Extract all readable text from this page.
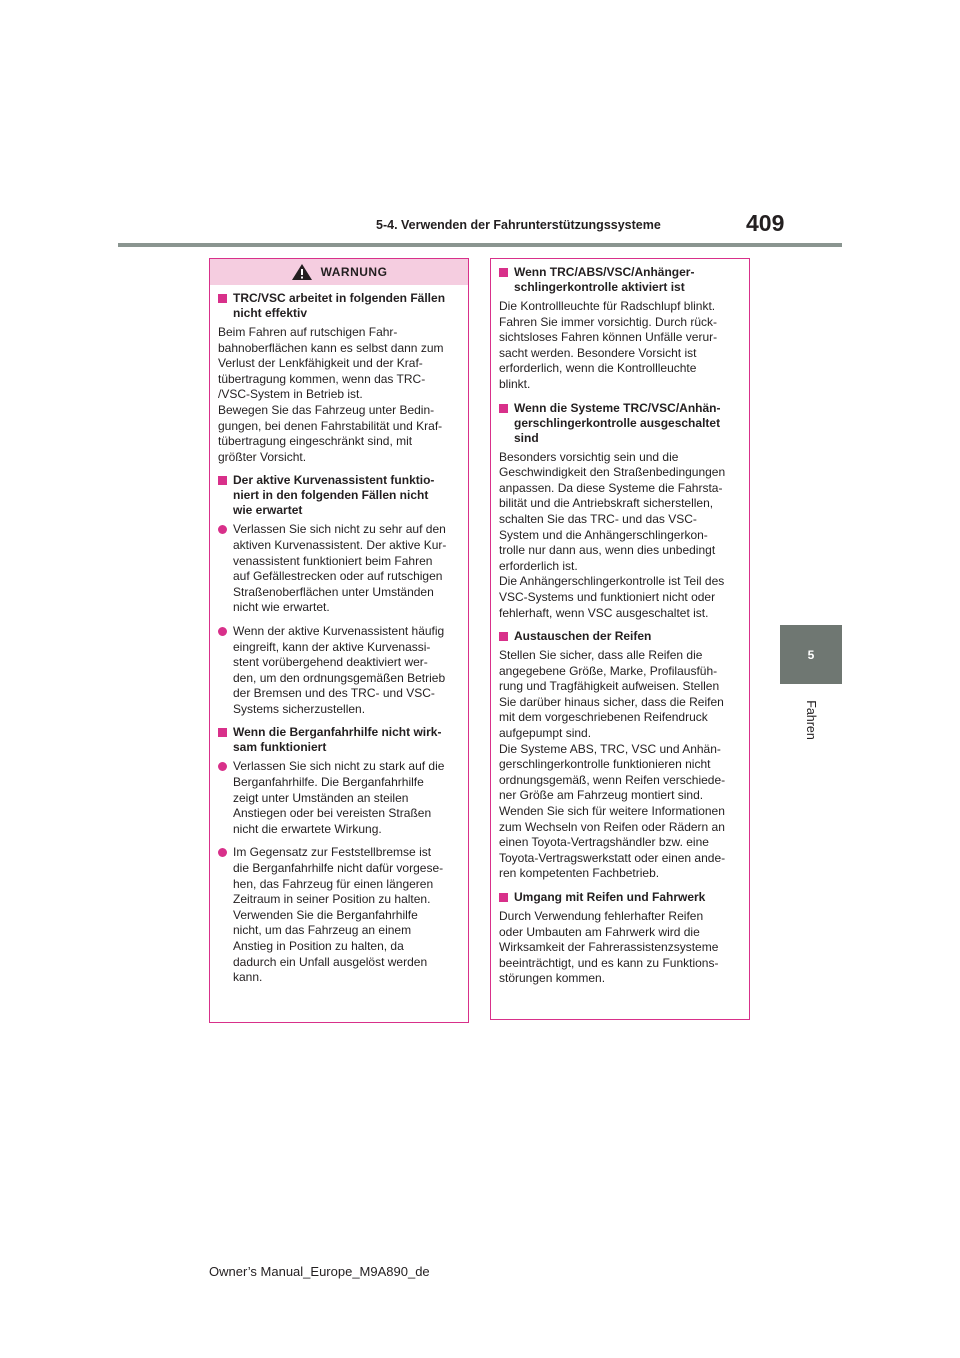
5-4. Verwenden der Fahrunterstützungssysteme	409
5
Fahren
WARNUNG
TRC/VSC arbeitet in folgenden Fällen
nicht effektiv
Beim Fahren auf rutschigen Fahr-
bahnoberflächen kann es selbst dann zum
Verlust der Lenkfähigkeit und der Kraf-
tübertragung kommen, wenn das TRC-
/VSC-System in Betrieb ist.
Bewegen Sie das Fahrzeug unter Bedin-
gungen, bei denen Fahrstabilität und Kraf-
tübertragung eingeschränkt sind, mit
größter Vorsicht.
Der aktive Kurvenassistent funktio-
niert in den folgenden Fällen nicht
wie erwartet
Verlassen Sie sich nicht zu sehr auf den
aktiven Kurvenassistent. Der aktive Kur-
venassistent funktioniert beim Fahren
auf Gefällestrecken oder auf rutschigen
Straßenoberflächen unter Umständen
nicht wie erwartet.
Wenn der aktive Kurvenassistent häufig
eingreift, kann der aktive Kurvenassi-
stent vorübergehend deaktiviert wer-
den, um den ordnungsgemäßen Betrieb
der Bremsen und des TRC- und VSC-
Systems sicherzustellen.
Wenn die Berganfahrhilfe nicht wirk-
sam funktioniert
Verlassen Sie sich nicht zu stark auf die
Berganfahrhilfe. Die Berganfahrhilfe
zeigt unter Umständen an steilen
Anstiegen oder bei vereisten Straßen
nicht die erwartete Wirkung.
Im Gegensatz zur Feststellbremse ist
die Berganfahrhilfe nicht dafür vorgese-
hen, das Fahrzeug für einen längeren
Zeitraum in seiner Position zu halten.
Verwenden Sie die Berganfahrhilfe
nicht, um das Fahrzeug an einem
Anstieg in Position zu halten, da
dadurch ein Unfall ausgelöst werden
kann.
Wenn TRC/ABS/VSC/Anhänger-
schlingerkontrolle aktiviert ist
Die Kontrollleuchte für Radschlupf blinkt.
Fahren Sie immer vorsichtig. Durch rück-
sichtsloses Fahren können Unfälle verur-
sacht werden. Besondere Vorsicht ist
erforderlich, wenn die Kontrollleuchte
blinkt.
Wenn die Systeme TRC/VSC/Anhän-
gerschlingerkontrolle ausgeschaltet
sind
Besonders vorsichtig sein und die
Geschwindigkeit den Straßenbedingungen
anpassen. Da diese Systeme die Fahrsta-
bilität und die Antriebskraft sicherstellen,
schalten Sie das TRC- und das VSC-
System und die Anhängerschlingerkon-
trolle nur dann aus, wenn dies unbedingt
erforderlich ist.
Die Anhängerschlingerkontrolle ist Teil des
VSC-Systems und funktioniert nicht oder
fehlerhaft, wenn VSC ausgeschaltet ist.
Austauschen der Reifen
Stellen Sie sicher, dass alle Reifen die
angegebene Größe, Marke, Profilausfüh-
rung und Tragfähigkeit aufweisen. Stellen
Sie darüber hinaus sicher, dass die Reifen
mit dem vorgeschriebenen Reifendruck
aufgepumpt sind.
Die Systeme ABS, TRC, VSC und Anhän-
gerschlingerkontrolle funktionieren nicht
ordnungsgemäß, wenn Reifen verschiede-
ner Größe am Fahrzeug montiert sind.
Wenden Sie sich für weitere Informationen
zum Wechseln von Reifen oder Rädern an
einen Toyota-Vertragshändler bzw. eine
Toyota-Vertragswerkstatt oder einen ande-
ren kompetenten Fachbetrieb.
Umgang mit Reifen und Fahrwerk
Durch Verwendung fehlerhafter Reifen
oder Umbauten am Fahrwerk wird die
Wirksamkeit der Fahrerassistenzsysteme
beeinträchtigt, und es kann zu Funktions-
störungen kommen.
Owner’s Manual_Europe_M9A890_de
